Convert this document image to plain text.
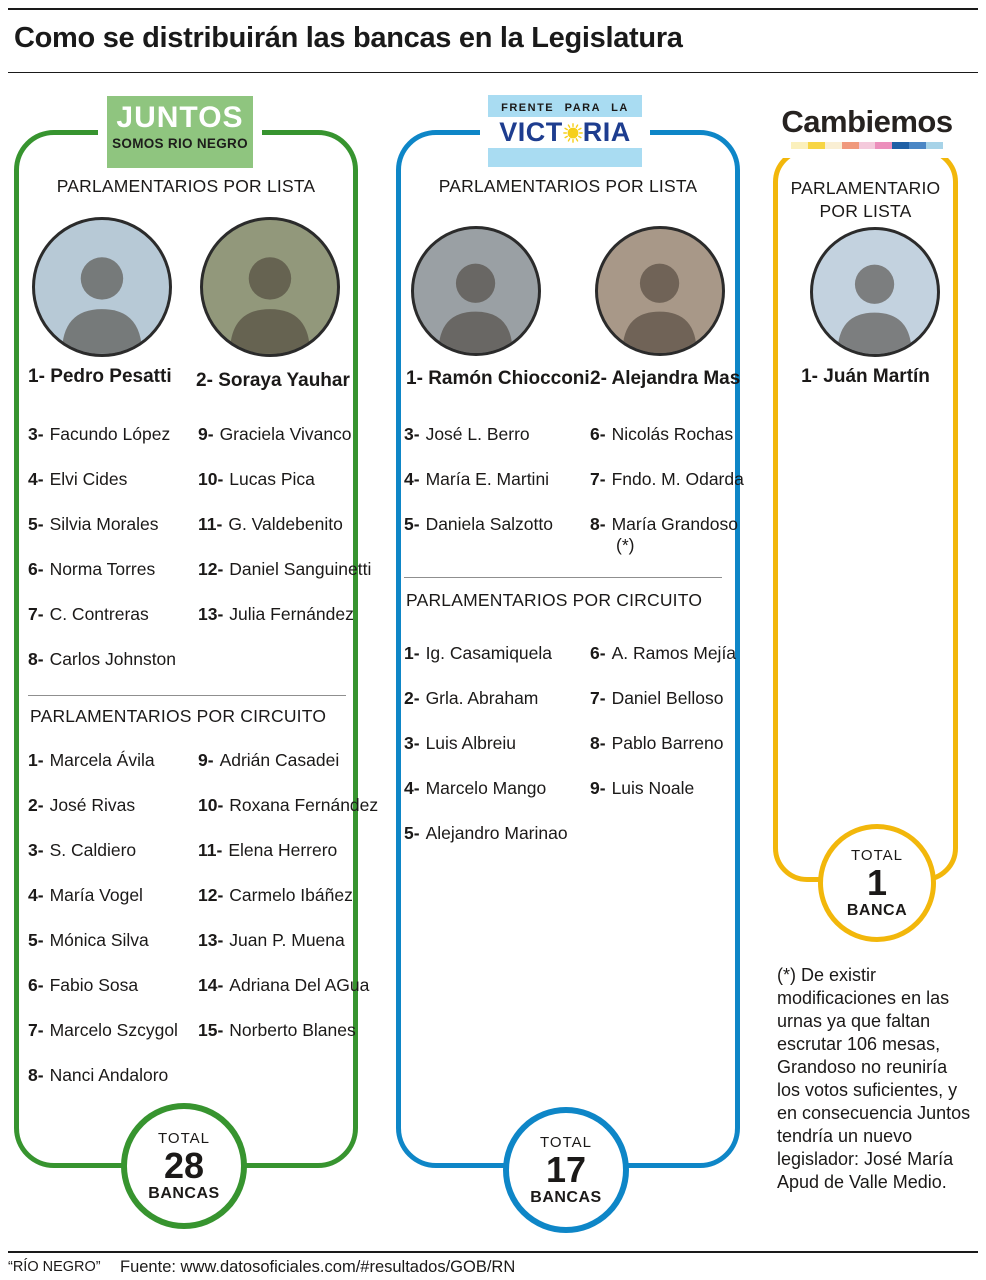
Como se distribuirán las bancas en la Legislatura
JUNTOS
SOMOS RIO NEGRO
PARLAMENTARIOS POR LISTA
1- Pedro Pesatti 2- Soraya Yauhar
3- Facundo López
4- Elvi Cides
5- Silvia Morales
6- Norma Torres
7- C. Contreras
8- Carlos Johnston
9- Graciela Vivanco
10- Lucas Pica
11- G. Valdebenito
12- Daniel Sanguinetti
13- Julia Fernández
PARLAMENTARIOS POR CIRCUITO
1- Marcela Ávila
2- José Rivas
3- S. Caldiero
4- María Vogel
5- Mónica Silva
6- Fabio Sosa
7- Marcelo Szcygol
8- Nanci Andaloro
9- Adrián Casadei
10- Roxana Fernández
11- Elena Herrero
12- Carmelo Ibáñez
13- Juan P. Muena
14- Adriana Del AGua
15- Norberto Blanes
TOTAL
28
BANCAS
FRENTE PARA LA
VICT RIA
PARLAMENTARIOS POR LISTA
1- Ramón Chiocconi 2- Alejandra Mas
3- José L. Berro
4- María E. Martini
5- Daniela Salzotto
6- Nicolás Rochas
7- Fndo. M. Odarda
8- María Grandoso
(*)
PARLAMENTARIOS POR CIRCUITO
1- Ig. Casamiquela
2- Grla. Abraham
3- Luis Albreiu
4- Marcelo Mango
5- Alejandro Marinao
6- A. Ramos Mejía
7- Daniel Belloso
8- Pablo Barreno
9- Luis Noale
TOTAL
17
BANCAS
Cambiemos
PARLAMENTARIO POR LISTA
1- Juán Martín
TOTAL
1
BANCA
(*) De existir modificaciones en las urnas ya que faltan escrutar 106 mesas, Grandoso no reuniría los votos suficientes, y en consecuencia Juntos tendría un nuevo legislador: José María Apud de Valle Medio.
“RÍO NEGRO” Fuente: www.datosoficiales.com/#resultados/GOB/RN
